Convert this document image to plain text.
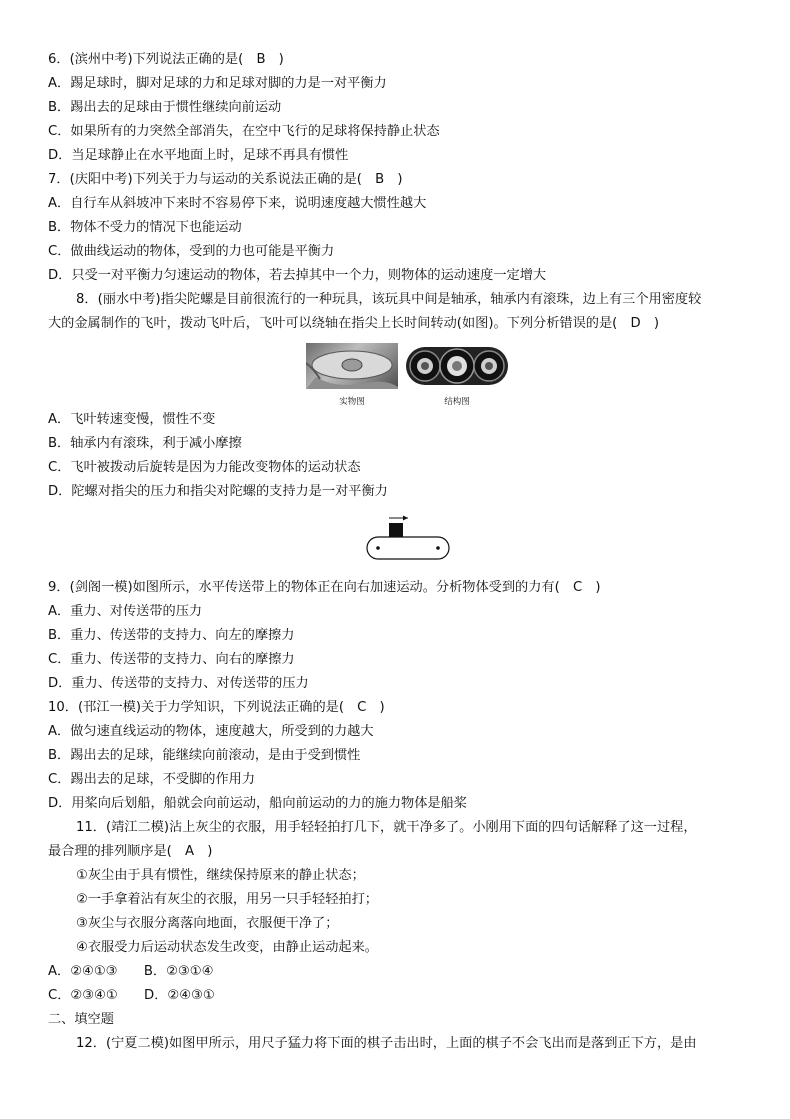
6．(滨州中考)下列说法正确的是(　B　)
A．踢足球时，脚对足球的力和足球对脚的力是一对平衡力
B．踢出去的足球由于惯性继续向前运动
C．如果所有的力突然全部消失，在空中飞行的足球将保持静止状态
D．当足球静止在水平地面上时，足球不再具有惯性
7．(庆阳中考)下列关于力与运动的关系说法正确的是(　B　)
A．自行车从斜坡冲下来时不容易停下来，说明速度越大惯性越大
B．物体不受力的情况下也能运动
C．做曲线运动的物体，受到的力也可能是平衡力
D．只受一对平衡力匀速运动的物体，若去掉其中一个力，则物体的运动速度一定增大
8．(丽水中考)指尖陀螺是目前很流行的一种玩具，该玩具中间是轴承，轴承内有滚珠，边上有三个用密度较
大的金属制作的飞叶，拨动飞叶后，飞叶可以绕轴在指尖上长时间转动(如图)。下列分析错误的是(　D　)
实物图	结构图
A．飞叶转速变慢，惯性不变
B．轴承内有滚珠，利于减小摩擦
C．飞叶被拨动后旋转是因为力能改变物体的运动状态
D．陀螺对指尖的压力和指尖对陀螺的支持力是一对平衡力
9．(剑阁一模)如图所示，水平传送带上的物体正在向右加速运动。分析物体受到的力有(　C　)
A．重力、对传送带的压力
B．重力、传送带的支持力、向左的摩擦力
C．重力、传送带的支持力、向右的摩擦力
D．重力、传送带的支持力、对传送带的压力
10．(邗江一模)关于力学知识，下列说法正确的是(　C　)
A．做匀速直线运动的物体，速度越大，所受到的力越大
B．踢出去的足球，能继续向前滚动，是由于受到惯性
C．踢出去的足球，不受脚的作用力
D．用桨向后划船，船就会向前运动，船向前运动的力的施力物体是船桨
11．(靖江二模)沾上灰尘的衣服，用手轻轻拍打几下，就干净多了。小刚用下面的四句话解释了这一过程，
最合理的排列顺序是(　A　)
①灰尘由于具有惯性，继续保持原来的静止状态；
②一手拿着沾有灰尘的衣服，用另一只手轻轻拍打；
③灰尘与衣服分离落向地面，衣服便干净了；
④衣服受力后运动状态发生改变，由静止运动起来。
A．②④①③　　B．②③①④
C．②③④①　　D．②④③①
二、填空题
12．(宁夏二模)如图甲所示，用尺子猛力将下面的棋子击出时，上面的棋子不会飞出而是落到正下方，是由
